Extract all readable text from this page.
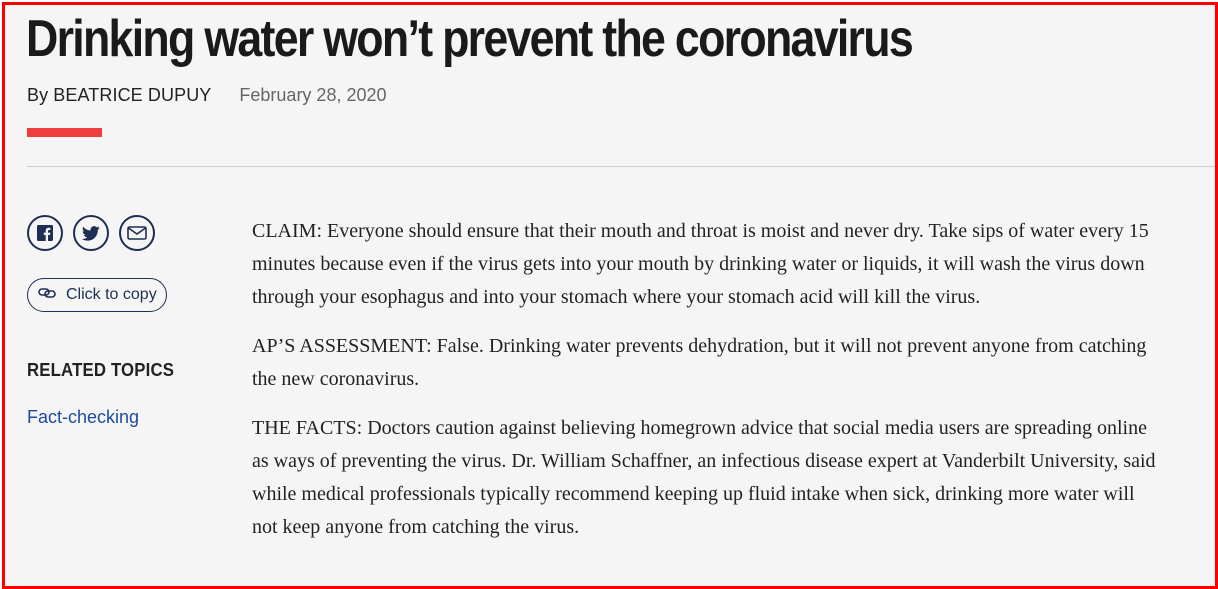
Drinking water won’t prevent the coronavirus
By BEATRICE DUPUY February 28, 2020
Click to copy
RELATED TOPICS
Fact-checking

CLAIM: Everyone should ensure that their mouth and throat is moist and never dry. Take sips of water every 15 minutes because even if the virus gets into your mouth by drinking water or liquids, it will wash the virus down through your esophagus and into your stomach where your stomach acid will kill the virus.

AP’S ASSESSMENT: False. Drinking water prevents dehydration, but it will not prevent anyone from catching the new coronavirus.

THE FACTS: Doctors caution against believing homegrown advice that social media users are spreading online as ways of preventing the virus. Dr. William Schaffner, an infectious disease expert at Vanderbilt University, said while medical professionals typically recommend keeping up fluid intake when sick, drinking more water will not keep anyone from catching the virus.
